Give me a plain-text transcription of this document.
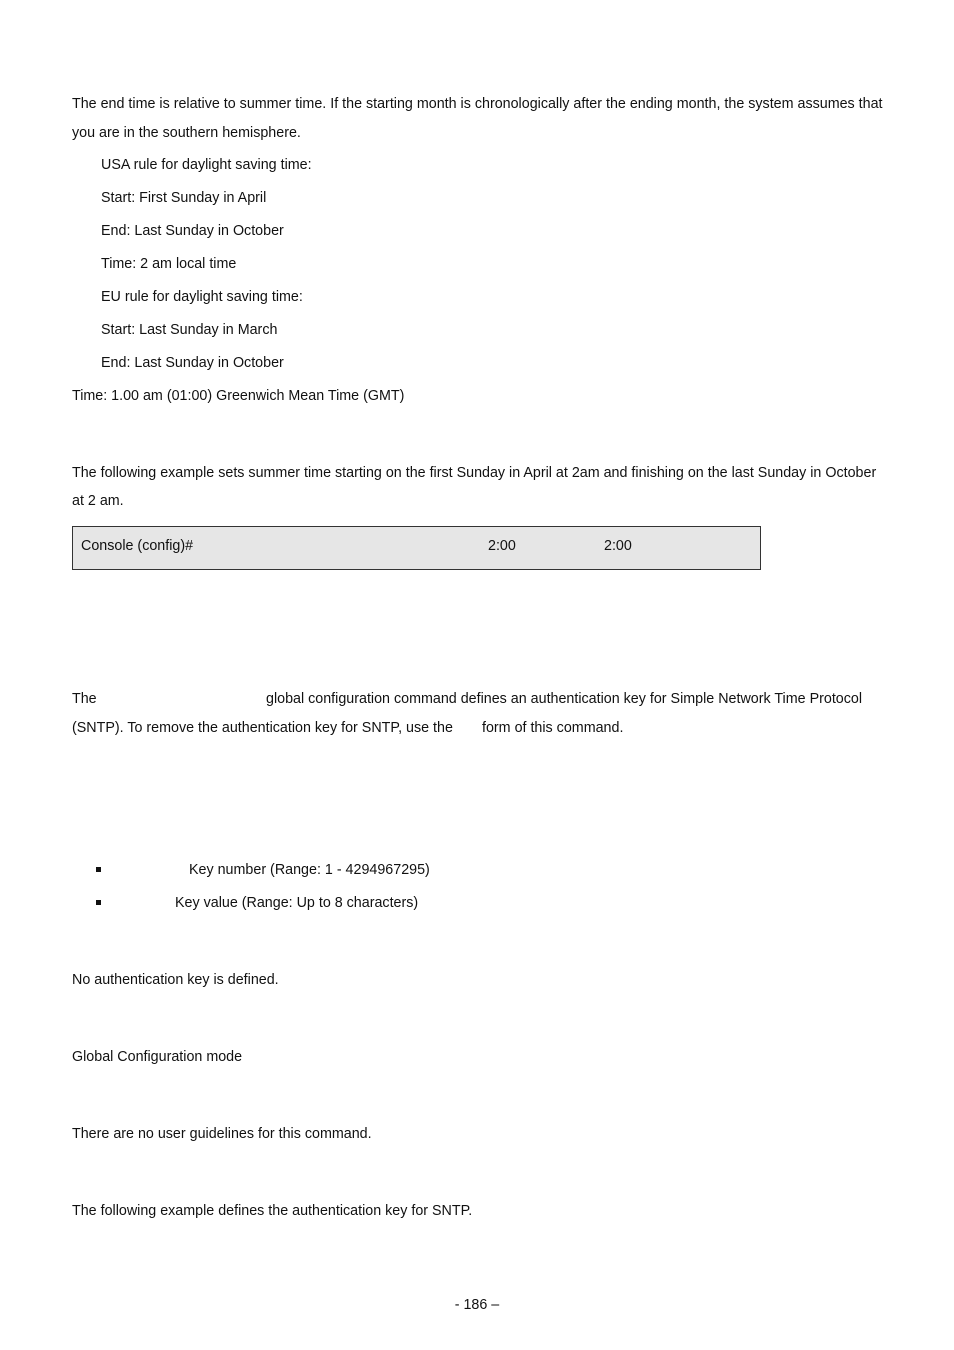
The end time is relative to summer time. If the starting month is chronologically after the ending month, the system assumes that
you are in the southern hemisphere.
USA rule for daylight saving time:
Start: First Sunday in April
End: Last Sunday in October
Time: 2 am local time
EU rule for daylight saving time:
Start: Last Sunday in March
End: Last Sunday in October
Time: 1.00 am (01:00) Greenwich Mean Time (GMT)
The following example sets summer time starting on the first Sunday in April at 2am and finishing on the last Sunday in October
at 2 am.
Console (config)#	2:00	2:00
The	global configuration command defines an authentication key for Simple Network Time Protocol
(SNTP). To remove the authentication key for SNTP, use the form of this command.
Key number (Range: 1 - 4294967295)
Key value (Range: Up to 8 characters)
No authentication key is defined.
Global Configuration mode
There are no user guidelines for this command.
The following example defines the authentication key for SNTP.
- 186 –
